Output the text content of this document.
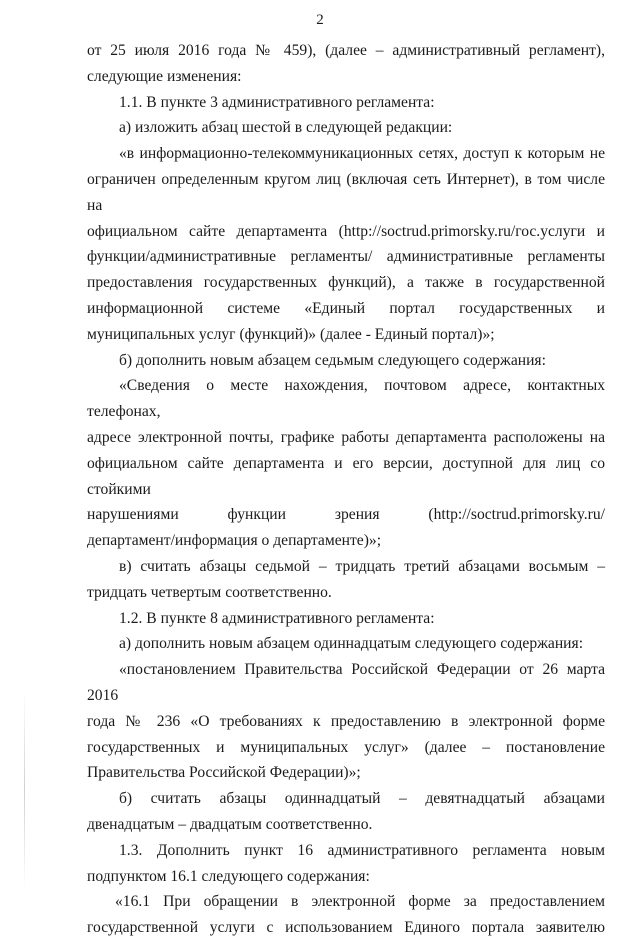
2
от 25 июля 2016 года № 459), (далее – административный регламент),
следующие изменения:
1.1. В пункте 3 административного регламента:
а) изложить абзац шестой в следующей редакции:
«в информационно-телекоммуникационных сетях, доступ к которым не
ограничен определенным кругом лиц (включая сеть Интернет), в том числе на
официальном сайте департамента (http://soctrud.primorsky.ru/гос.услуги и
функции/административные регламенты/ административные регламенты
предоставления государственных функций), а также в государственной
информационной системе «Единый портал государственных и
муниципальных услуг (функций)» (далее - Единый портал)»;
б) дополнить новым абзацем седьмым следующего содержания:
«Сведения о месте нахождения, почтовом адресе, контактных телефонах,
адресе электронной почты, графике работы департамента расположены на
официальном сайте департамента и его версии, доступной для лиц со стойкими
нарушениями функции зрения (http://soctrud.primorsky.ru/
департамент/информация о департаменте)»;
в) считать абзацы седьмой – тридцать третий абзацами восьмым –
тридцать четвертым соответственно.
1.2. В пункте 8 административного регламента:
а) дополнить новым абзацем одиннадцатым следующего содержания:
«постановлением Правительства Российской Федерации от 26 марта 2016
года № 236 «О требованиях к предоставлению в электронной форме
государственных и муниципальных услуг» (далее – постановление
Правительства Российской Федерации)»;
б) считать абзацы одиннадцатый – девятнадцатый абзацами
двенадцатым – двадцатым соответственно.
1.3. Дополнить пункт 16 административного регламента новым
подпунктом 16.1 следующего содержания:
«16.1 При обращении в электронной форме за предоставлением
государственной услуги с использованием Единого портала заявителю
